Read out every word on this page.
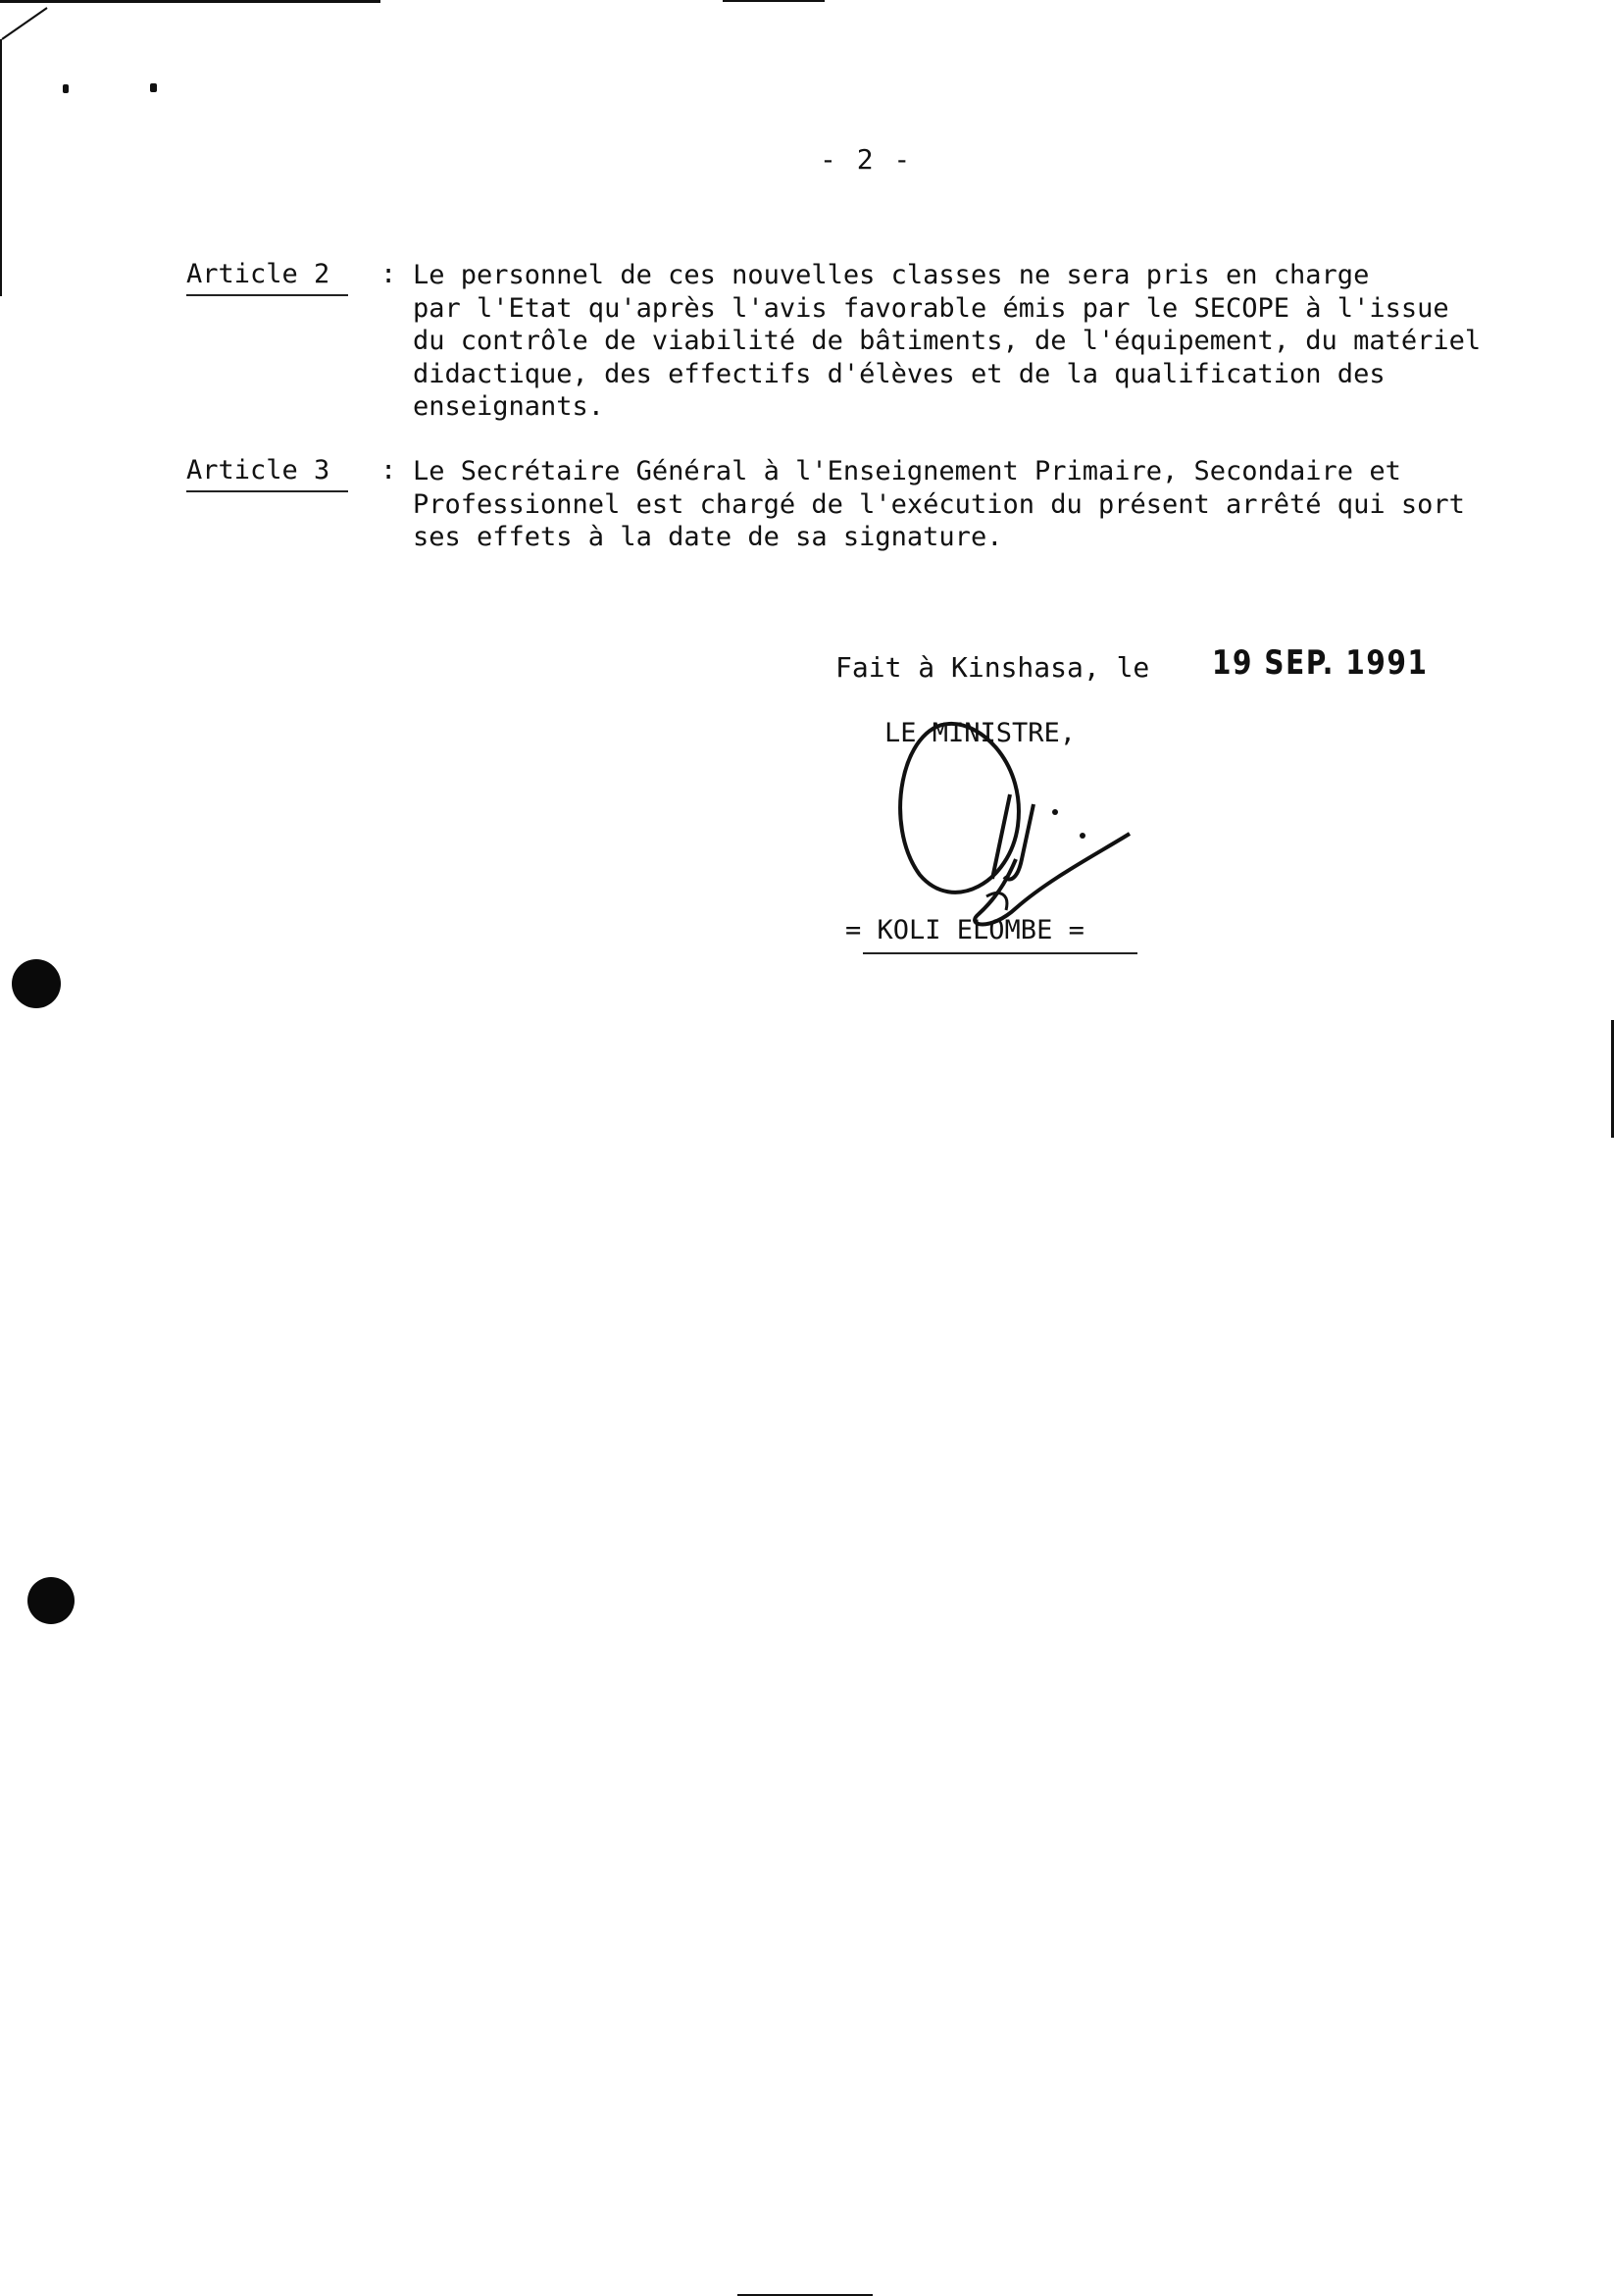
- 2 -
Article 2 : Le personnel de ces nouvelles classes ne sera pris en charge
par l'Etat qu'après l'avis favorable émis par le SECOPE à l'issue
du contrôle de viabilité de bâtiments, de l'équipement, du matériel
didactique, des effectifs d'élèves et de la qualification des
enseignants.
Article 3 : Le Secrétaire Général à l'Enseignement Primaire, Secondaire et
Professionnel est chargé de l'exécution du présent arrêté qui sort
ses effets à la date de sa signature.
Fait à Kinshasa, le 19 SEP. 1991
LE MINISTRE,
= KOLI ELOMBE =
